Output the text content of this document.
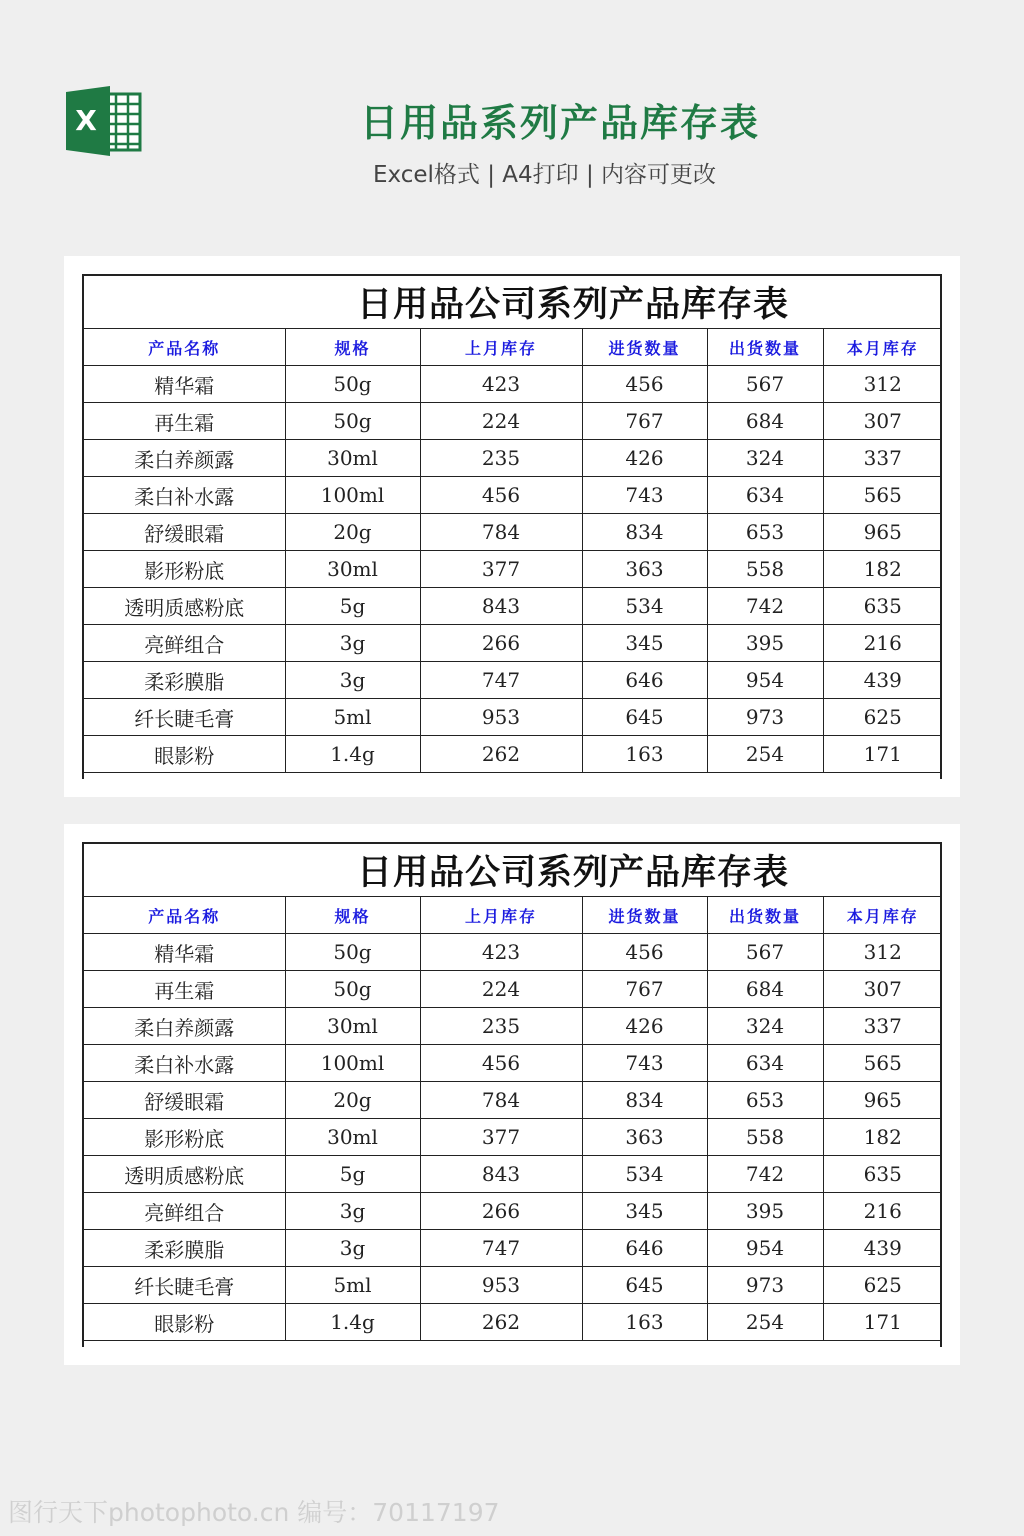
X	日用品系列产品库存表
Excel格式 | A4打印 | 内容可更改
日用品公司系列产品库存表					
产品名称	规格	上月库存	进货数量	出货数量	本月库存
精华霜	50g	423	456	567	312
再生霜	50g	224	767	684	307
柔白养颜露	30ml	235	426	324	337
柔白补水露	100ml	456	743	634	565
舒缓眼霜	20g	784	834	653	965
影形粉底	30ml	377	363	558	182
透明质感粉底	5g	843	534	742	635
亮鲜组合	3g	266	345	395	216
柔彩膜脂	3g	747	646	954	439
纤长睫毛膏	5ml	953	645	973	625
眼影粉	1.4g	262	163	254	171
日用品公司系列产品库存表					
产品名称	规格	上月库存	进货数量	出货数量	本月库存
精华霜	50g	423	456	567	312
再生霜	50g	224	767	684	307
柔白养颜露	30ml	235	426	324	337
柔白补水露	100ml	456	743	634	565
舒缓眼霜	20g	784	834	653	965
影形粉底	30ml	377	363	558	182
透明质感粉底	5g	843	534	742	635
亮鲜组合	3g	266	345	395	216
柔彩膜脂	3g	747	646	954	439
纤长睫毛膏	5ml	953	645	973	625
眼影粉	1.4g	262	163	254	171
图行天下photophoto.cn 编号：70117197
